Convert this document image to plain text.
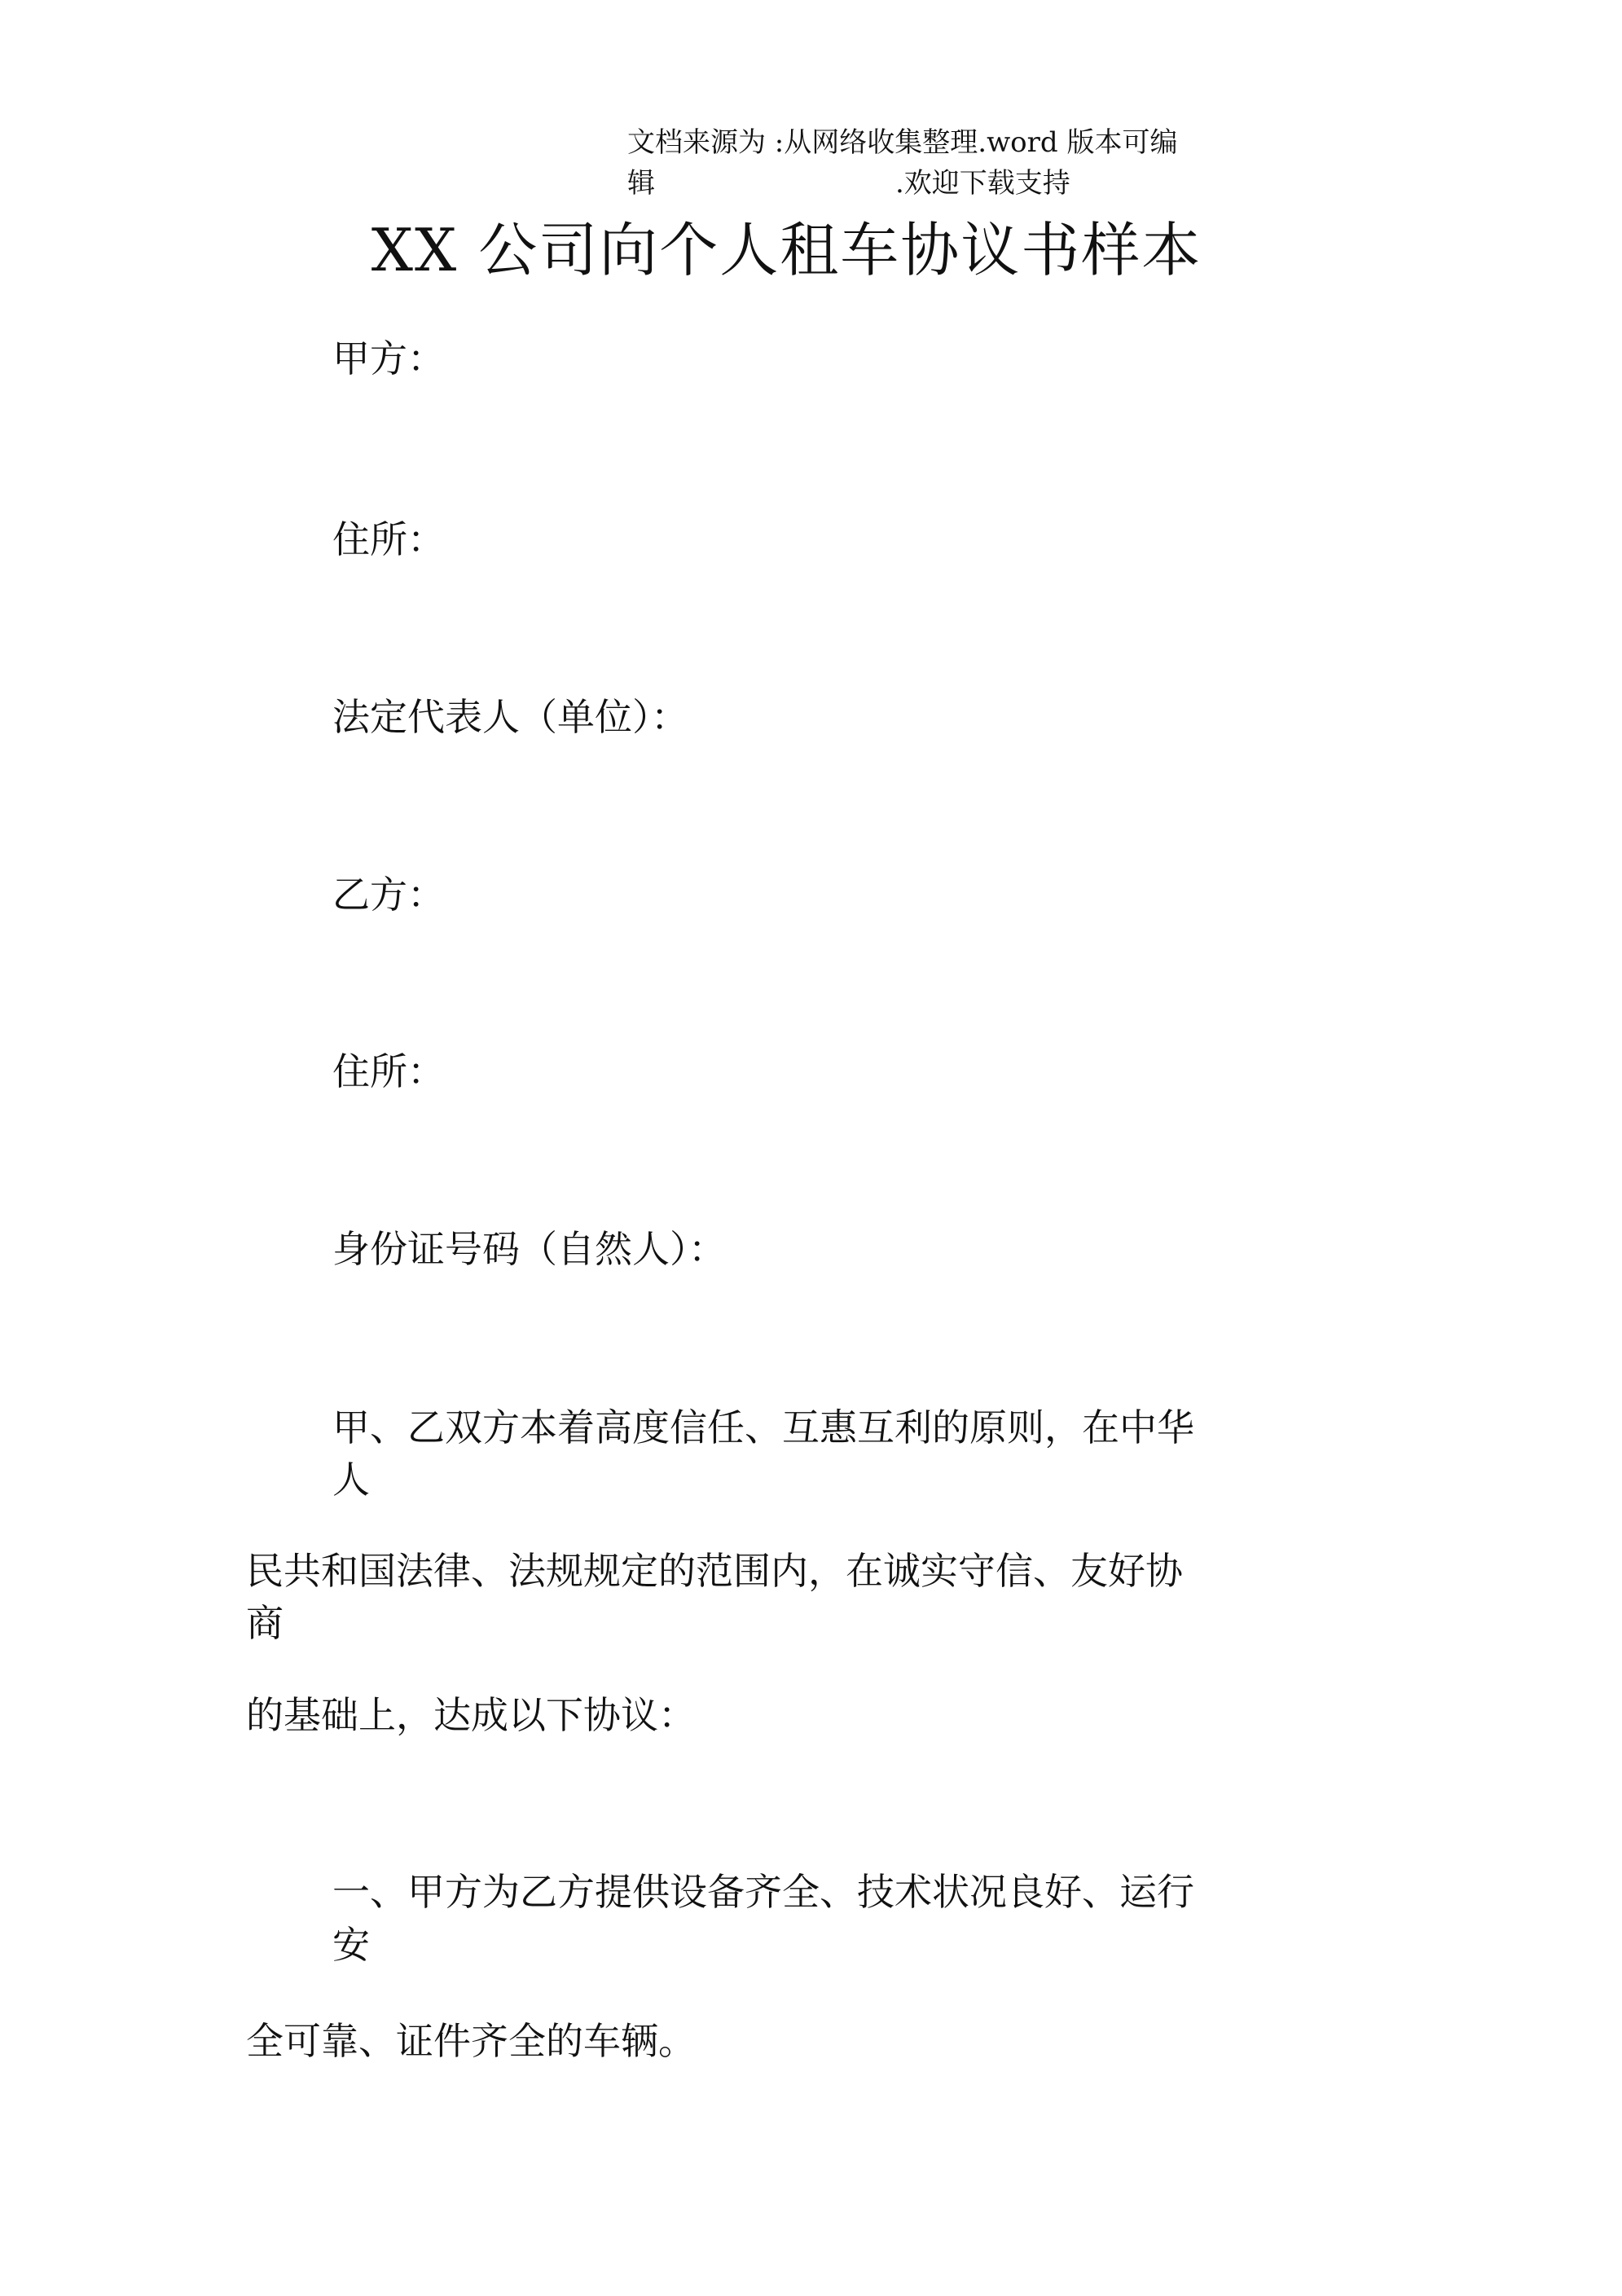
文档来源为 :从网络收集整理.word 版本可编
辑	.欢迎下载支持
XX 公司向个人租车协议书样本
甲方：
住所：
法定代表人（单位）：
乙方：
住所：
身份证号码（自然人）：
甲、乙双方本着高度信任、互惠互利的原则，在中华
人
民共和国法律、法规规定的范围内，在诚实守信、友好协
商
的基础上，达成以下协议：
一、甲方为乙方提供设备齐全、技术状况良好、运行
安
全可靠、证件齐全的车辆。
